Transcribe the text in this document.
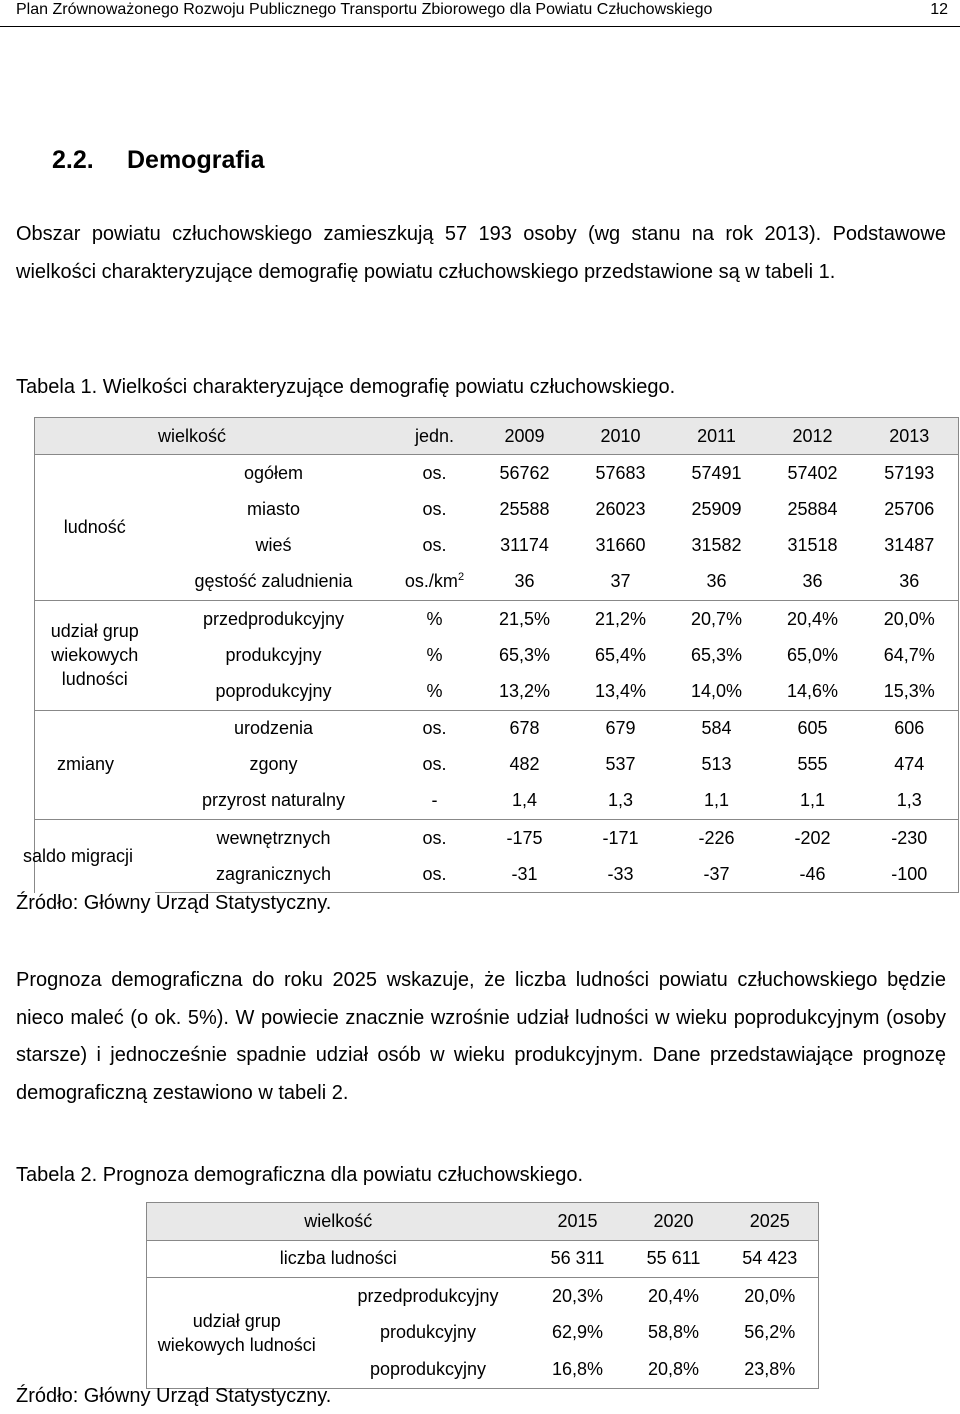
Plan Zrównoważonego Rozwoju Publicznego Transportu Zbiorowego dla Powiatu Człuchowskiego	12
2.2. Demografia
Obszar powiatu człuchowskiego zamieszkują 57 193 osoby (wg stanu na rok 2013). Podstawowe wielkości charakteryzujące demografię powiatu człuchowskiego przedstawione są w tabeli 1.
Tabela 1. Wielkości charakteryzujące demografię powiatu człuchowskiego.
wielkość		jedn.	2009	2010	2011	2012	2013
ludność	ogółem	os.	56762	57683	57491	57402	57193
	miasto	os.	25588	26023	25909	25884	25706
	wieś	os.	31174	31660	31582	31518	31487
	gęstość zaludnienia	$os./km^2$	36	37	36	36	36
udział grup wiekowych ludności	przedprodukcyjny	%	21,5%	21,2%	20,7%	20,4%	20,0%
	produkcyjny	%	65,3%	65,4%	65,3%	65,0%	64,7%
	poprodukcyjny	%	13,2%	13,4%	14,0%	14,6%	15,3%
zmiany	urodzenia	os.	678	679	584	605	606
	zgony	os.	482	537	513	555	474
	przyrost naturalny	-	1,4	1,3	1,1	1,1	1,3
saldo migracji	wewnętrznych	os.	-175	-171	-226	-202	-230
	zagranicznych	os.	-31	-33	-37	-46	-100
Źródło: Główny Urząd Statystyczny.
Prognoza demograficzna do roku 2025 wskazuje, że liczba ludności powiatu człuchowskiego będzie nieco maleć (o ok. 5%). W powiecie znacznie wzrośnie udział ludności w wieku poprodukcyjnym (osoby starsze) i jednocześnie spadnie udział osób w wieku produkcyjnym. Dane przedstawiające prognozę demograficzną zestawiono w tabeli 2.
Tabela 2. Prognoza demograficzna dla powiatu człuchowskiego.
wielkość		2015	2020	2025
liczba ludności		56 311	55 611	54 423
udział grup wiekowych ludności	przedprodukcyjny	20,3%	20,4%	20,0%
	produkcyjny	62,9%	58,8%	56,2%
	poprodukcyjny	16,8%	20,8%	23,8%
Źródło: Główny Urząd Statystyczny.
